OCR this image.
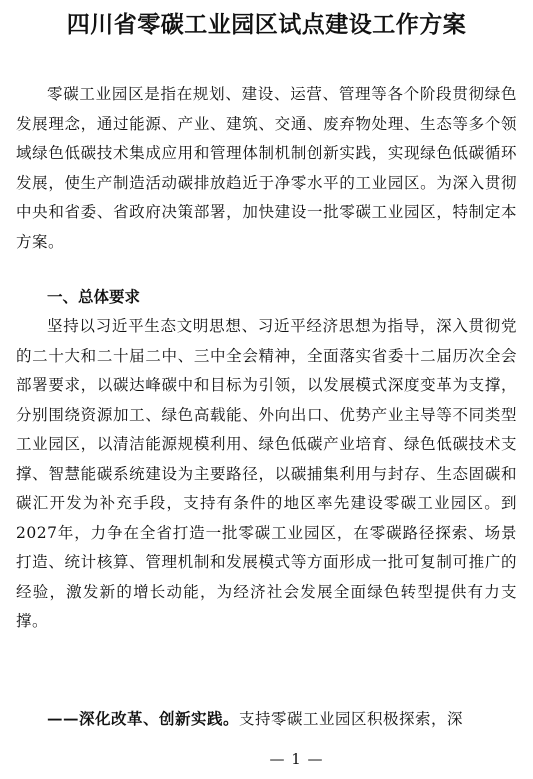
四川省零碳工业园区试点建设工作方案

零碳工业园区是指在规划、建设、运营、管理等各个阶段贯彻绿色发展理念，通过能源、产业、建筑、交通、废弃物处理、生态等多个领域绿色低碳技术集成应用和管理体制机制创新实践，实现绿色低碳循环发展，使生产制造活动碳排放趋近于净零水平的工业园区。为深入贯彻中央和省委、省政府决策部署，加快建设一批零碳工业园区，特制定本方案。

一、总体要求

坚持以习近平生态文明思想、习近平经济思想为指导，深入贯彻党的二十大和二十届二中、三中全会精神，全面落实省委十二届历次全会部署要求，以碳达峰碳中和目标为引领，以发展模式深度变革为支撑，分别围绕资源加工、绿色高载能、外向出口、优势产业主导等不同类型工业园区，以清洁能源规模利用、绿色低碳产业培育、绿色低碳技术支撑、智慧能碳系统建设为主要路径，以碳捕集利用与封存、生态固碳和碳汇开发为补充手段，支持有条件的地区率先建设零碳工业园区。到2027年，力争在全省打造一批零碳工业园区，在零碳路径探索、场景打造、统计核算、管理机制和发展模式等方面形成一批可复制可推广的经验，激发新的增长动能，为经济社会发展全面绿色转型提供有力支撑。

——深化改革、创新实践。支持零碳工业园区积极探索，深

— 1 —
